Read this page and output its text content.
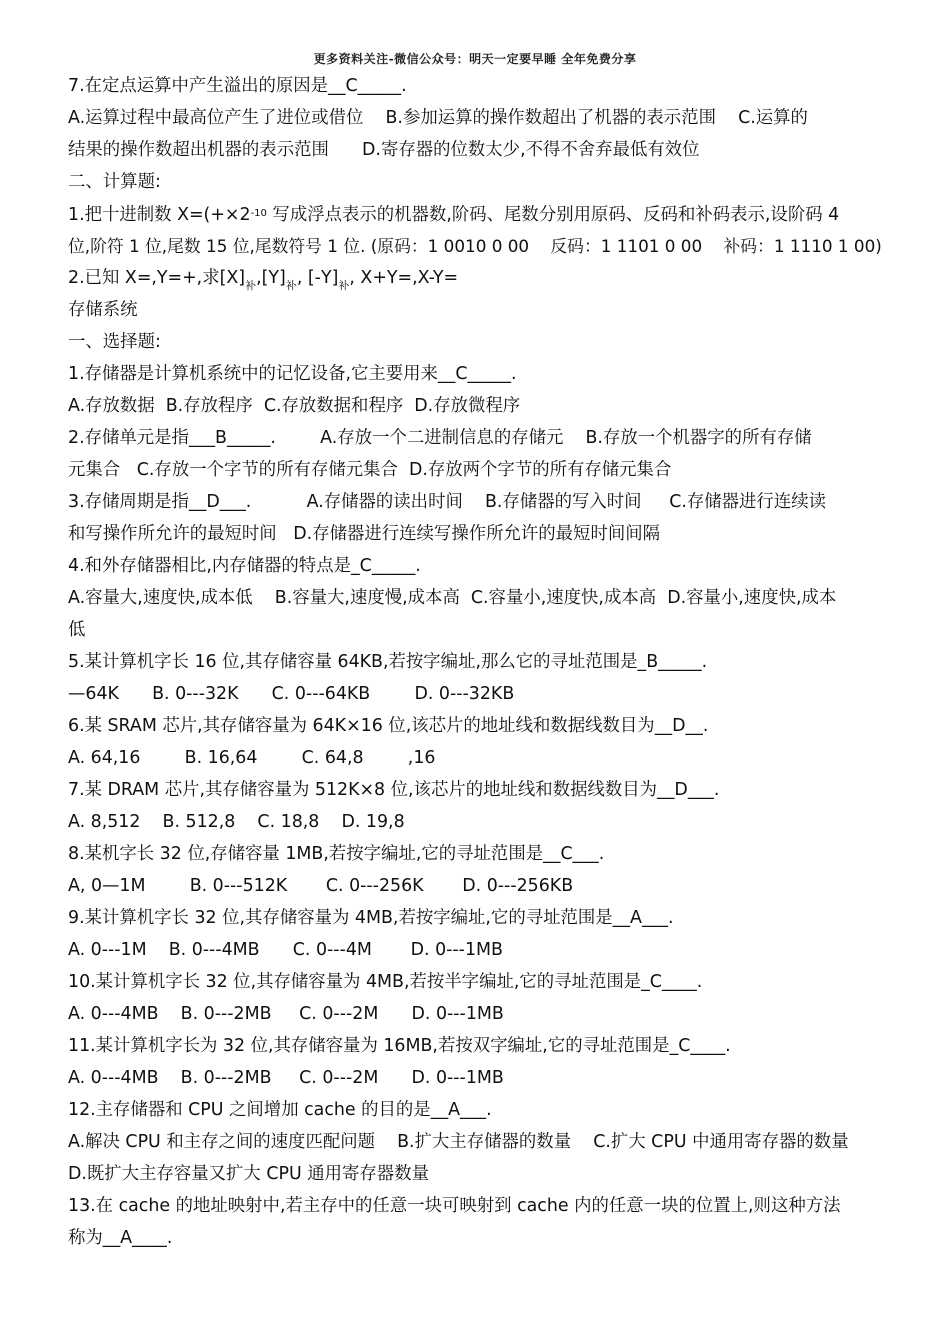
更多资料关注-微信公众号：明天一定要早睡 全年免费分享
7.在定点运算中产生溢出的原因是__C_____.
A.运算过程中最高位产生了进位或借位    B.参加运算的操作数超出了机器的表示范围    C.运算的
结果的操作数超出机器的表示范围      D.寄存器的位数太少,不得不舍弃最低有效位
二、计算题:
1.把十进制数 $X=(+\times 2^{-10}$ 写成浮点表示的机器数,阶码、尾数分别用原码、反码和补码表示,设阶码 4
位,阶符 1 位,尾数 15 位,尾数符号 1 位. (原码：1 0010 0 00    反码：1 1101 0 00    补码：1 1110 1 00)
2.已知 X=,Y=+,求$[X]_补,[Y]_补$, $[-Y]_补$, X+Y=,X-Y=
存储系统
一、选择题:
1.存储器是计算机系统中的记忆设备,它主要用来__C_____.
A.存放数据  B.存放程序  C.存放数据和程序  D.存放微程序
2.存储单元是指___B_____.        A.存放一个二进制信息的存储元    B.存放一个机器字的所有存储
元集合   C.存放一个字节的所有存储元集合  D.存放两个字节的所有存储元集合
3.存储周期是指__D___.          A.存储器的读出时间    B.存储器的写入时间     C.存储器进行连续读
和写操作所允许的最短时间   D.存储器进行连续写操作所允许的最短时间间隔
4.和外存储器相比,内存储器的特点是_C_____.
A.容量大,速度快,成本低    B.容量大,速度慢,成本高  C.容量小,速度快,成本高  D.容量小,速度快,成本
低
5.某计算机字长 16 位,其存储容量 64KB,若按字编址,那么它的寻址范围是_B_____.
—64K      B. 0---32K      C. 0---64KB        D. 0---32KB
6.某 SRAM 芯片,其存储容量为 64K×16 位,该芯片的地址线和数据线数目为__D__.
A. 64,16        B. 16,64        C. 64,8        ,16
7.某 DRAM 芯片,其存储容量为 512K×8 位,该芯片的地址线和数据线数目为__D___.
A. 8,512    B. 512,8    C. 18,8    D. 19,8
8.某机字长 32 位,存储容量 1MB,若按字编址,它的寻址范围是__C___.
A, 0—1M        B. 0---512K       C. 0---256K       D. 0---256KB
9.某计算机字长 32 位,其存储容量为 4MB,若按字编址,它的寻址范围是__A___.
A. 0---1M    B. 0---4MB      C. 0---4M       D. 0---1MB
10.某计算机字长 32 位,其存储容量为 4MB,若按半字编址,它的寻址范围是_C____.
A. 0---4MB    B. 0---2MB     C. 0---2M      D. 0---1MB
11.某计算机字长为 32 位,其存储容量为 16MB,若按双字编址,它的寻址范围是_C____.
A. 0---4MB    B. 0---2MB     C. 0---2M      D. 0---1MB
12.主存储器和 CPU 之间增加 cache 的目的是__A___.
A.解决 CPU 和主存之间的速度匹配问题    B.扩大主存储器的数量    C.扩大 CPU 中通用寄存器的数量
D.既扩大主存容量又扩大 CPU 通用寄存器数量
13.在 cache 的地址映射中,若主存中的任意一块可映射到 cache 内的任意一块的位置上,则这种方法
称为__A____.
